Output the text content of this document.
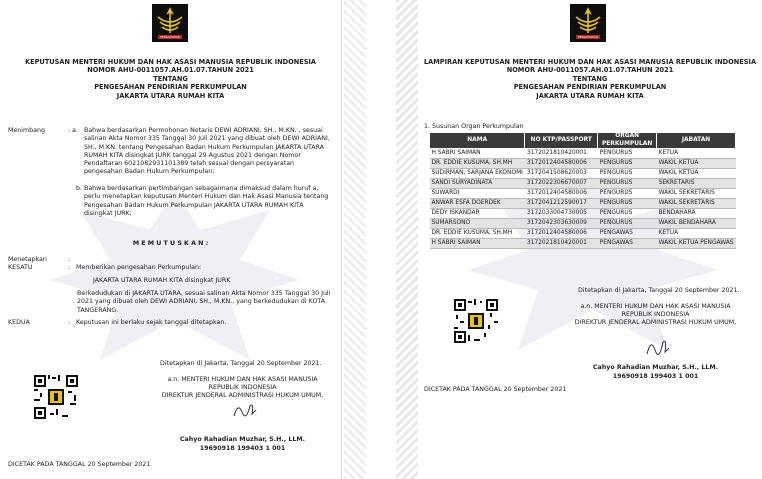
PENGAYOMAN
KEPUTUSAN MENTERI HUKUM DAN HAK ASASI MANUSIA REPUBLIK INDONESIA
NOMOR AHU-0011057.AH.01.07.TAHUN 2021
TENTANG
PENGESAHAN PENDIRIAN PERKUMPULAN
JAKARTA UTARA RUMAH KITA
Menimbang	: a. Bahwa berdasarkan Permohonan Notaris DEWI ADRIANI, SH., M.KN. , sesuai salinan Akta Nomor 335 Tanggal 30 Juli 2021 yang dibuat oleh DEWI ADRIANI, SH., M.KN. tentang Pengesahan Badan Hukum Perkumpulan JAKARTA UTARA RUMAH KITA disingkat JURK tanggal 29 Agustus 2021 dengan Nomor Pendaftaran 6021082931101389 telah sesuai dengan persyaratan pengesahan Badan Hukum Perkumpulan;
b. Bahwa berdasarkan pertimbangan sebagaimana dimaksud dalam huruf a, perlu menetapkan keputusan Menteri Hukum dan Hak Asasi Manusia tentang Pengesahan Badan Hukum Perkumpulan JAKARTA UTARA RUMAH KITA disingkat JURK;
M E M U T U S K A N :
Menetapkan	:
KESATU	: Memberikan pengesahan Perkumpulan:
JAKARTA UTARA RUMAH KITA disingkat JURK
Berkedudukan di JAKARTA UTARA, sesuai salinan Akta Nomor 335 Tanggal 30 Juli 2021 yang dibuat oleh DEWI ADRIANI, SH., M.KN., yang berkedudukan di KOTA TANGERANG.
KEDUA	: Keputusan ini berlaku sejak tanggal ditetapkan.
Ditetapkan di Jakarta, Tanggal 20 September 2021.
a.n. MENTERI HUKUM DAN HAK ASASI MANUSIA
REPUBLIK INDONESIA
DIREKTUR JENDERAL ADMINISTRASI HUKUM UMUM,
Cahyo Rahadian Muzhar, S.H., LLM.
19690918 199403 1 001
DICETAK PADA TANGGAL 20 September 2021
PENGAYOMAN
LAMPIRAN KEPUTUSAN MENTERI HUKUM DAN HAK ASASI MANUSIA REPUBLIK INDONESIA
NOMOR AHU-0011057.AH.01.07.TAHUN 2021
TENTANG
PENGESAHAN PENDIRIAN PERKUMPULAN
JAKARTA UTARA RUMAH KITA
1. Susunan Organ Perkumpulan
NAMA	NO KTP/PASSPORT	ORGAN PERKUMPULAN	JABATAN
H SABRI SAIMAN	3172021810420001	PENGURUS	KETUA
DR. EDDIE KUSUMA, SH.MH	3172012404580006	PENGURUS	WAKIL KETUA
SUDIRMAN, SARJANA EKONOMI	3172041508620003	PENGURUS	WAKIL KETUA
SANDI SURYADINATA	3172022306670007	PENGURUS	SEKRETARIS
SUWARDI	3172012404580006	PENGURUS	WAKIL SEKRETARIS
ANWAR ESFA DOERDEK	3172041212590017	PENGURUS	WAKIL SEKRETARIS
DEDY ISKANDAR	3172033004730005	PENGURUS	BENDAHARA
SUMARSONO	3172042303630009	PENGURUS	WAKIL BENDAHARA
DR. EDDIE KUSUMA, SH.MH	3172012404580006	PENGAWAS	KETUA
H SABRI SAIMAN	3172021810420001	PENGAWAS	WAKIL KETUA PENGAWAS
Ditetapkan di Jakarta, Tanggal 20 September 2021.
a.n. MENTERI HUKUM DAN HAK ASASI MANUSIA
REPUBLIK INDONESIA
DIREKTUR JENDERAL ADMINISTRASI HUKUM UMUM,
Cahyo Rahadian Muzhar, S.H., LLM.
19690918 199403 1 001
DICETAK PADA TANGGAL 20 September 2021
